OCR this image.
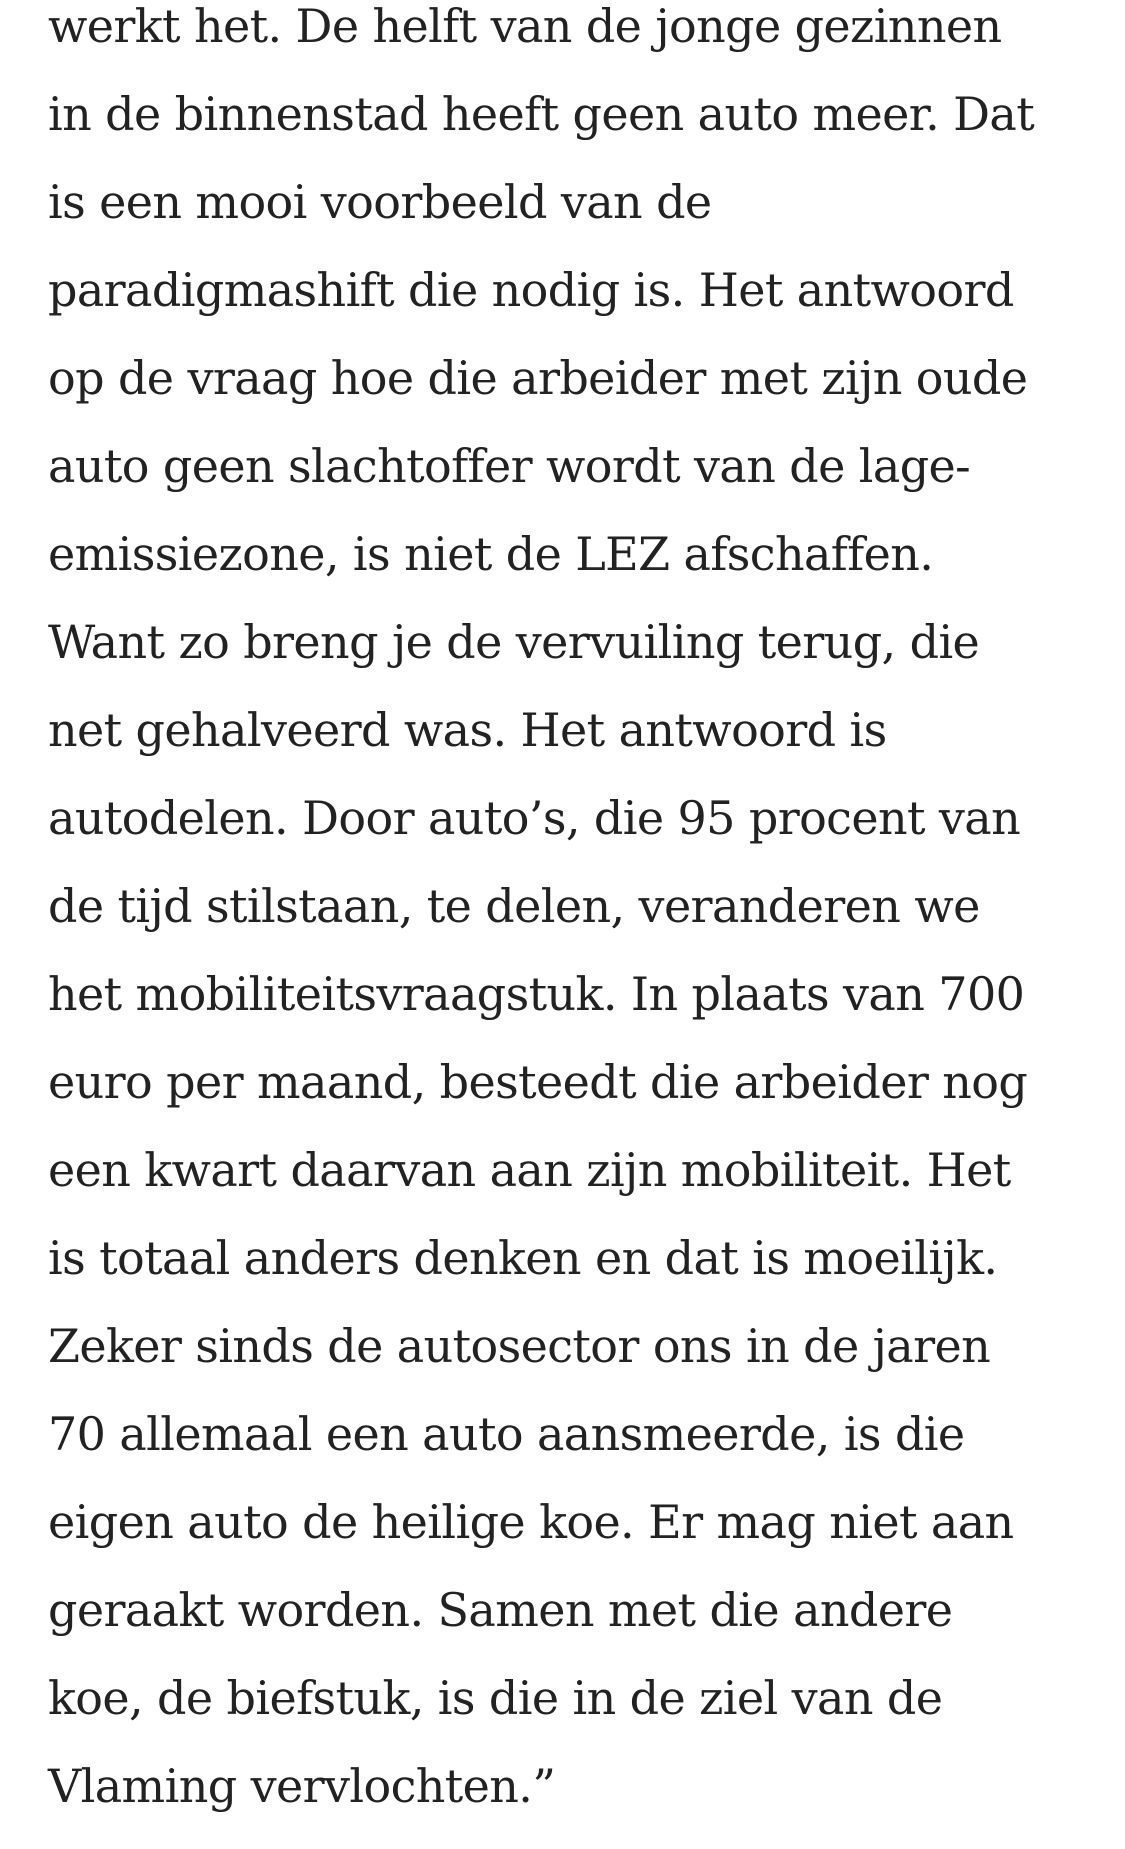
werkt het. De helft van de jonge gezinnen
in de binnenstad heeft geen auto meer. Dat
is een mooi voorbeeld van de
paradigmashift die nodig is. Het antwoord
op de vraag hoe die arbeider met zijn oude
auto geen slachtoffer wordt van de lage-
emissiezone, is niet de LEZ afschaffen.
Want zo breng je de vervuiling terug, die
net gehalveerd was. Het antwoord is
autodelen. Door auto’s, die 95 procent van
de tijd stilstaan, te delen, veranderen we
het mobiliteitsvraagstuk. In plaats van 700
euro per maand, besteedt die arbeider nog
een kwart daarvan aan zijn mobiliteit. Het
is totaal anders denken en dat is moeilijk.
Zeker sinds de autosector ons in de jaren
70 allemaal een auto aansmeerde, is die
eigen auto de heilige koe. Er mag niet aan
geraakt worden. Samen met die andere
koe, de biefstuk, is die in de ziel van de
Vlaming vervlochten.”
